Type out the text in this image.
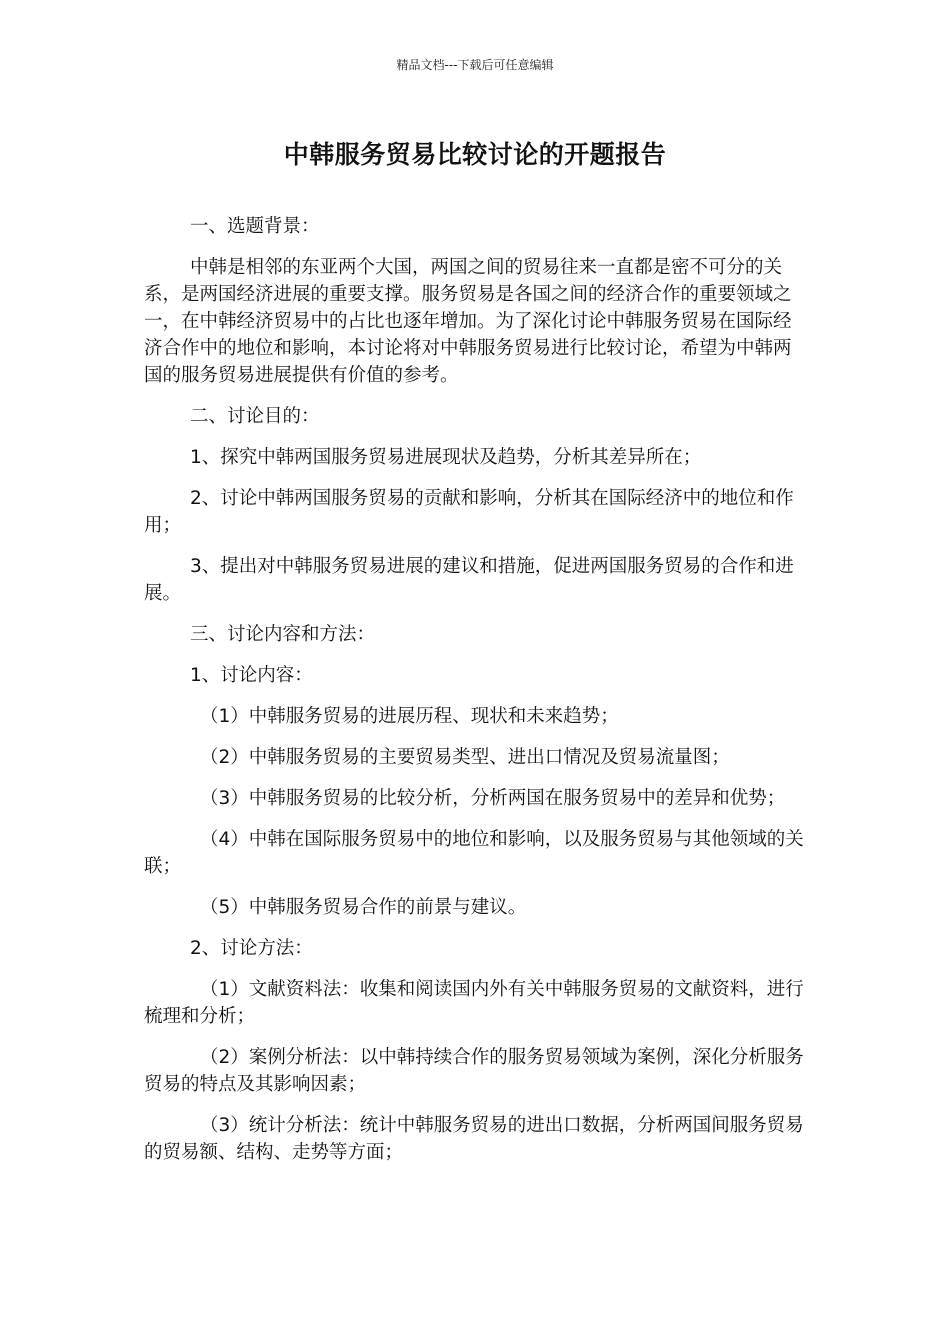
精品文档---下载后可任意编辑
中韩服务贸易比较讨论的开题报告

一、选题背景：

中韩是相邻的东亚两个大国，两国之间的贸易往来一直都是密不可分的关系，是两国经济进展的重要支撑。服务贸易是各国之间的经济合作的重要领域之一，在中韩经济贸易中的占比也逐年增加。为了深化讨论中韩服务贸易在国际经济合作中的地位和影响，本讨论将对中韩服务贸易进行比较讨论，希望为中韩两国的服务贸易进展提供有价值的参考。

二、讨论目的：

1、探究中韩两国服务贸易进展现状及趋势，分析其差异所在；

2、讨论中韩两国服务贸易的贡献和影响，分析其在国际经济中的地位和作用；

3、提出对中韩服务贸易进展的建议和措施，促进两国服务贸易的合作和进展。

三、讨论内容和方法：

1、讨论内容：

（1）中韩服务贸易的进展历程、现状和未来趋势；

（2）中韩服务贸易的主要贸易类型、进出口情况及贸易流量图；

（3）中韩服务贸易的比较分析，分析两国在服务贸易中的差异和优势；

（4）中韩在国际服务贸易中的地位和影响，以及服务贸易与其他领域的关联；

（5）中韩服务贸易合作的前景与建议。

2、讨论方法：

（1）文献资料法：收集和阅读国内外有关中韩服务贸易的文献资料，进行梳理和分析；

（2）案例分析法：以中韩持续合作的服务贸易领域为案例，深化分析服务贸易的特点及其影响因素；

（3）统计分析法：统计中韩服务贸易的进出口数据，分析两国间服务贸易的贸易额、结构、走势等方面；
